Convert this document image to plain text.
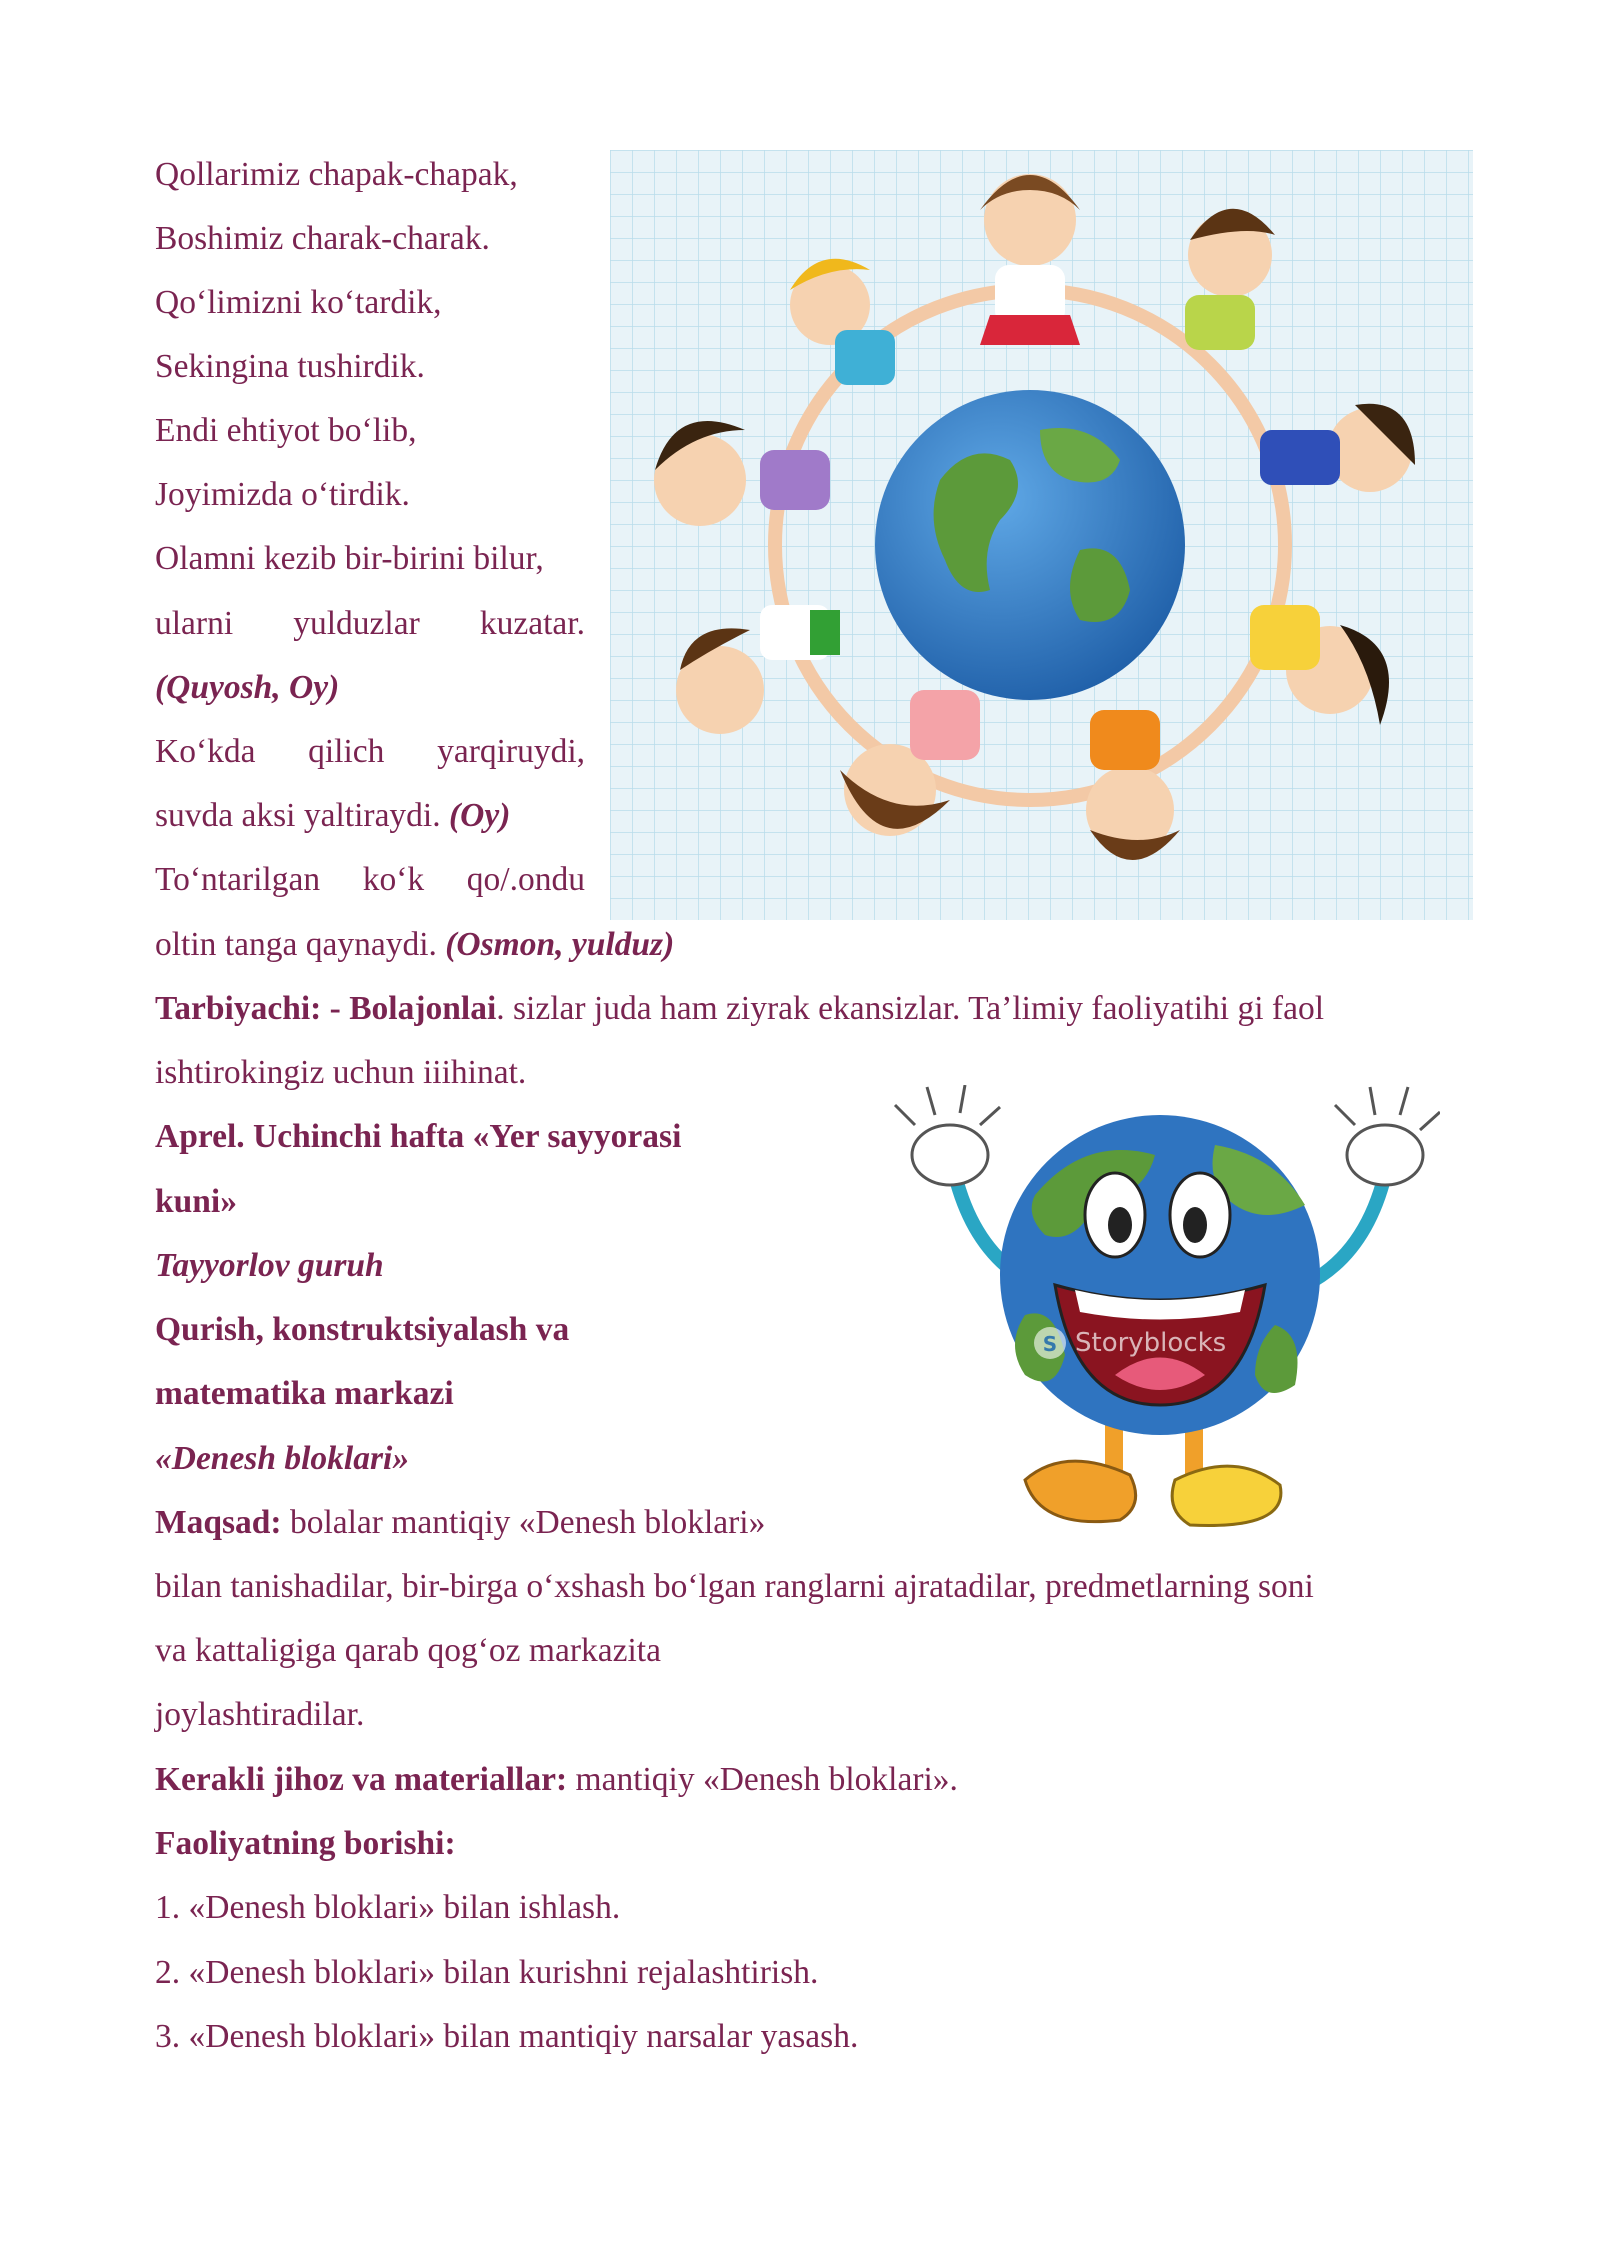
Qollarimiz chapak-chapak,
Boshimiz charak-charak.
Qo‘limizni ko‘tardik,
Sekingina tushirdik.
Endi ehtiyot bo‘lib,
Joyimizda o‘tirdik.
Olamni kezib bir-birini bilur,
ularni yulduzlar kuzatar.
(Quyosh, Oy)
Ko‘kda qilich yarqiruydi,
suvda aksi yaltiraydi. (Oy)
To‘ntarilgan ko‘k qo/.ondu
oltin tanga qaynaydi. (Osmon, yulduz)
Tarbiyachi: - Bolajonlai. sizlar juda ham ziyrak ekansizlar. Ta’limiy faoliyatihi gi faol
ishtirokingiz uchun iiihinat.
Aprel. Uchinchi hafta «Yer sayyorasi
kuni»
Tayyorlov guruh
Qurish, konstruktsiyalash va
matematika markazi
«Denesh bloklari»
Maqsad: bolalar mantiqiy «Denesh bloklari»
bilan tanishadilar, bir-birga o‘xshash bo‘lgan ranglarni ajratadilar, predmetlarning soni
va kattaligiga qarab qog‘oz markazita
joylashtiradilar.
Kerakli jihoz va materiallar: mantiqiy «Denesh bloklari».
Faoliyatning borishi:
1. «Denesh bloklari» bilan ishlash.
2. «Denesh bloklari» bilan kurishni rejalashtirish.
3. «Denesh bloklari» bilan mantiqiy narsalar yasash.
S Storyblocks
